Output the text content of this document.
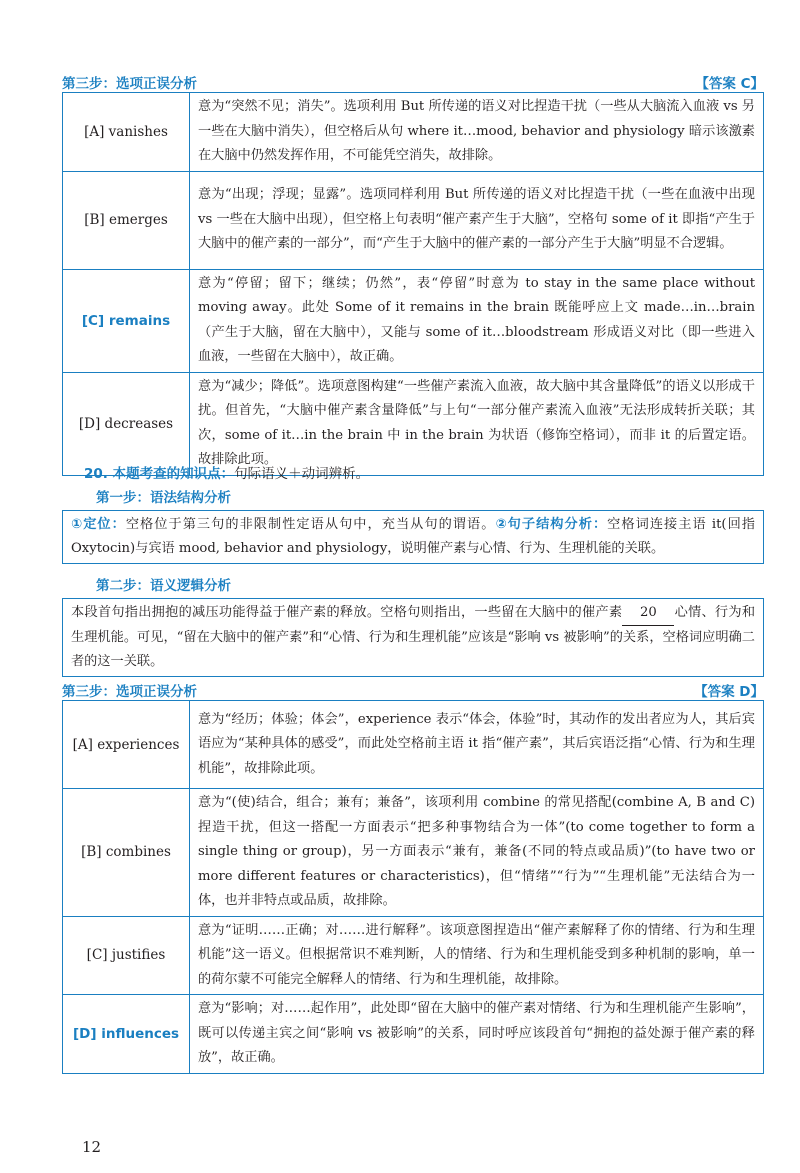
第三步：选项正误分析	【答案 C】
[A] vanishes	意为“突然不见；消失”。选项利用 But 所传递的语义对比捏造干扰（一些从大脑流入血液 vs 另一些在大脑中消失），但空格后从句 where it…mood, behavior and physiology 暗示该激素在大脑中仍然发挥作用，不可能凭空消失，故排除。
[B] emerges	意为“出现；浮现；显露”。选项同样利用 But 所传递的语义对比捏造干扰（一些在血液中出现 vs 一些在大脑中出现），但空格上句表明“催产素产生于大脑”，空格句 some of it 即指“产生于大脑中的催产素的一部分”，而“产生于大脑中的催产素的一部分产生于大脑”明显不合逻辑。
[C] remains	意为“停留；留下；继续；仍然”，表“停留”时意为 to stay in the same place without moving away。此处 Some of it remains in the brain 既能呼应上文 made…in…brain（产生于大脑，留在大脑中），又能与 some of it…bloodstream 形成语义对比（即一些进入血液，一些留在大脑中），故正确。
[D] decreases	意为“减少；降低”。选项意图构建“一些催产素流入血液，故大脑中其含量降低”的语义以形成干扰。但首先，“大脑中催产素含量降低”与上句“一部分催产素流入血液”无法形成转折关联；其次，some of it…in the brain 中 in the brain 为状语（修饰空格词），而非 it 的后置定语。故排除此项。
20. 本题考查的知识点：句际语义＋动词辨析。
第一步：语法结构分析
①定位：空格位于第三句的非限制性定语从句中，充当从句的谓语。②句子结构分析：空格词连接主语 it(回指 Oxytocin)与宾语 mood, behavior and physiology，说明催产素与心情、行为、生理机能的关联。
第二步：语义逻辑分析
本段首句指出拥抱的减压功能得益于催产素的释放。空格句则指出，一些留在大脑中的催产素 20 心情、行为和生理机能。可见，“留在大脑中的催产素”和“心情、行为和生理机能”应该是“影响 vs 被影响”的关系，空格词应明确二者的这一关联。
第三步：选项正误分析	【答案 D】
[A] experiences	意为“经历；体验；体会”，experience 表示“体会，体验”时，其动作的发出者应为人，其后宾语应为“某种具体的感受”，而此处空格前主语 it 指“催产素”，其后宾语泛指“心情、行为和生理机能”，故排除此项。
[B] combines	意为“(使)结合，组合；兼有；兼备”，该项利用 combine 的常见搭配(combine A, B and C)捏造干扰，但这一搭配一方面表示“把多种事物结合为一体”(to come together to form a single thing or group)，另一方面表示“兼有，兼备(不同的特点或品质)”(to have two or more different features or characteristics)，但“情绪”“行为”“生理机能”无法结合为一体，也并非特点或品质，故排除。
[C] justifies	意为“证明……正确；对……进行解释”。该项意图捏造出“催产素解释了你的情绪、行为和生理机能”这一语义。但根据常识不难判断，人的情绪、行为和生理机能受到多种机制的影响，单一的荷尔蒙不可能完全解释人的情绪、行为和生理机能，故排除。
[D] influences	意为“影响；对……起作用”，此处即“留在大脑中的催产素对情绪、行为和生理机能产生影响”，既可以传递主宾之间“影响 vs 被影响”的关系，同时呼应该段首句“拥抱的益处源于催产素的释放”，故正确。
12
